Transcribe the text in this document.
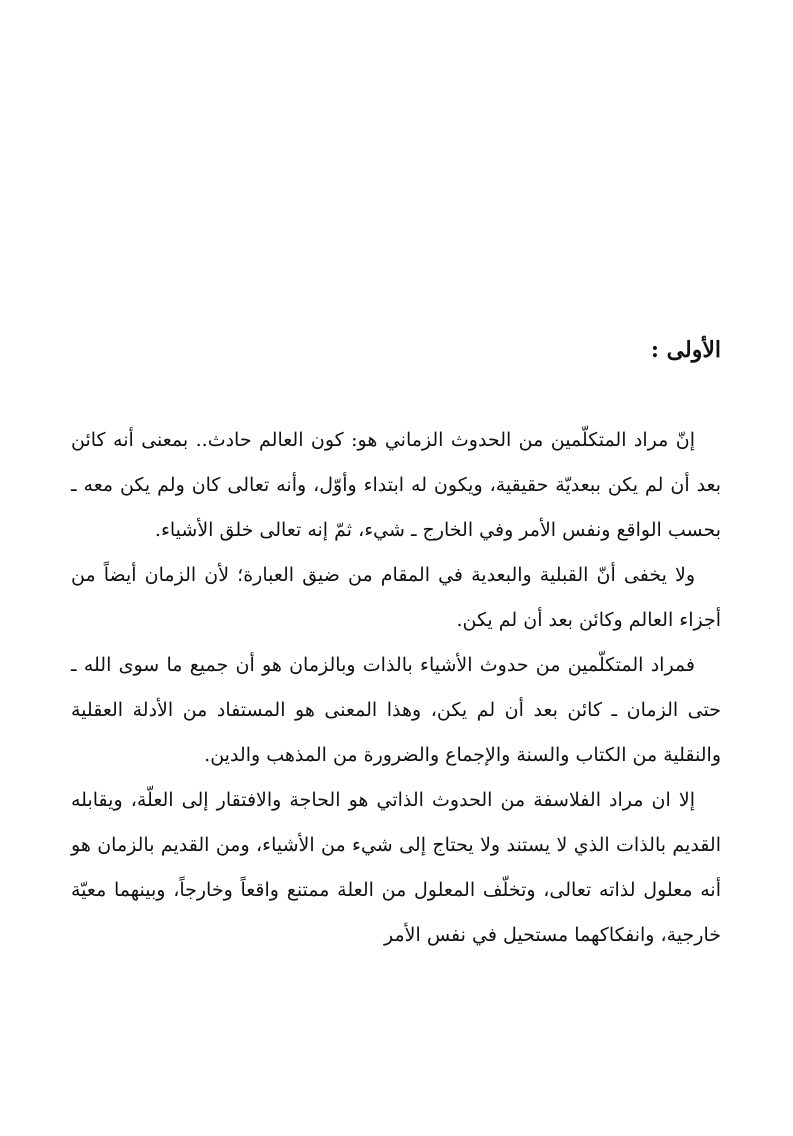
الأولى :

إنّ مراد المتكلّمين من الحدوث الزماني هو: كون العالم حادث.. بمعنى أنه كائن بعد أن لم يكن ببعديّة حقيقية، ويكون له ابتداء وأوّل، وأنه تعالى كان ولم يكن معه ـ بحسب الواقع ونفس الأمر وفي الخارج ـ شيء، ثمّ إنه تعالى خلق الأشياء.

ولا يخفى أنّ القبلية والبعدية في المقام من ضيق العبارة؛ لأن الزمان أيضاً من أجزاء العالم وكائن بعد أن لم يكن.

فمراد المتكلّمين من حدوث الأشياء بالذات وبالزمان هو أن جميع ما سوى الله ـ حتى الزمان ـ كائن بعد أن لم يكن، وهذا المعنى هو المستفاد من الأدلة العقلية والنقلية من الكتاب والسنة والإجماع والضرورة من المذهب والدين.

إلا ان مراد الفلاسفة من الحدوث الذاتي هو الحاجة والافتقار إلى العلّة، ويقابله القديم بالذات الذي لا يستند ولا يحتاج إلى شيء من الأشياء، ومن القديم بالزمان هو أنه معلول لذاته تعالى، وتخلّف المعلول من العلة ممتنع واقعاً وخارجاً، وبينهما معيّة خارجية، وانفكاكهما مستحيل في نفس الأمر
